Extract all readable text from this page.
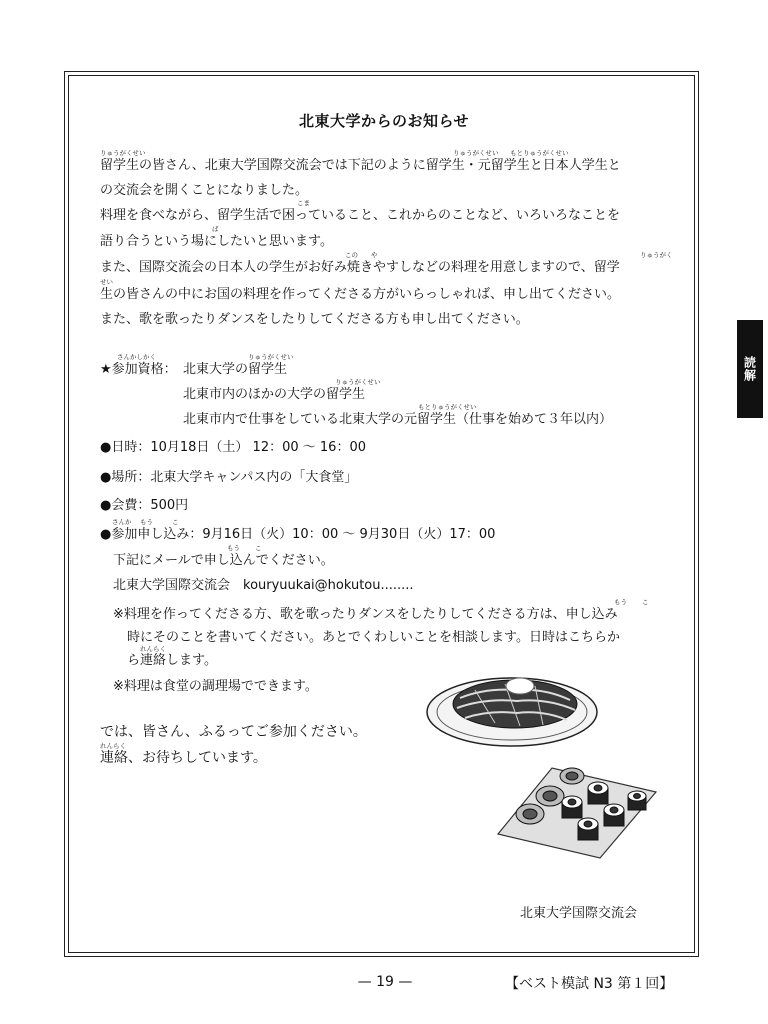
北東大学からのお知らせ
りゅうがくせい	りゅうがくせい もとりゅうがくせい
留学生の皆さん、北東大学国際交流会では下記のように留学生・元留学生と日本人学生と
の交流会を開くことになりました。
こま
料理を食べながら、留学生活で困っていること、これからのことなど、いろいろなことを
ば
語り合うという場にしたいと思います。
この や	りゅうがく
また、国際交流会の日本人の学生がお好み焼きやすしなどの料理を用意しますので、留学
せい
生の皆さんの中にお国の料理を作ってくださる方がいらっしゃれば、申し出てください。
また、歌を歌ったりダンスをしたりしてくださる方も申し出てください。
さんかしかく	りゅうがくせい
★参加資格： 北東大学の留学生
りゅうがくせい
北東市内のほかの大学の留学生
もとりゅうがくせい
北東市内で仕事をしている北東大学の元留学生（仕事を始めて３年以内）
●日時：10月18日（土） 12：00 ～ 16：00
●場所：北東大学キャンパス内の「大食堂」
●会費：500円
さんか もう	こ
●参加申し込み：9月16日（火）10：00 ～ 9月30日（火）17：00
もう こ
下記にメールで申し込んでください。
北東大学国際交流会　kouryuukai@hokutou........
もう こ
※料理を作ってくださる方、歌を歌ったりダンスをしたりしてくださる方は、申し込み
時にそのことを書いてください。あとでくわしいことを相談します。日時はこちらか
れんらく
ら連絡します。
※料理は食堂の調理場でできます。
では、皆さん、ふるってご参加ください。
れんらく
連絡、お待ちしています。
北東大学国際交流会
読解
— 19 —	【ベスト模試 N3 第１回】
